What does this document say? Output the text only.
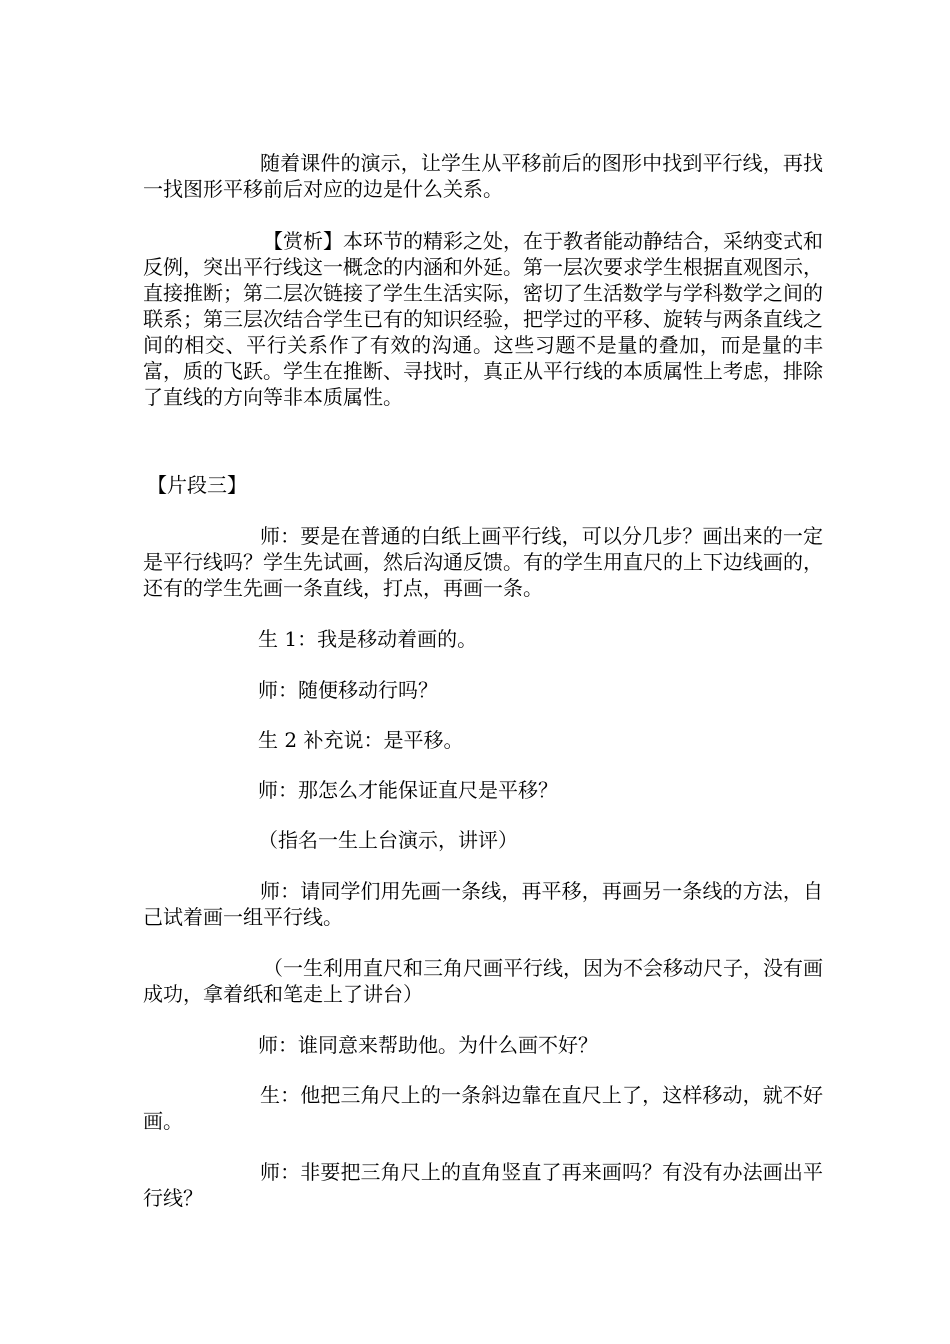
随着课件的演示，让学生从平移前后的图形中找到平行线，再找一找图形平移前后对应的边是什么关系。

【赏析】本环节的精彩之处，在于教者能动静结合，采纳变式和反例，突出平行线这一概念的内涵和外延。第一层次要求学生根据直观图示，直接推断；第二层次链接了学生生活实际，密切了生活数学与学科数学之间的联系；第三层次结合学生已有的知识经验，把学过的平移、旋转与两条直线之间的相交、平行关系作了有效的沟通。这些习题不是量的叠加，而是量的丰富，质的飞跃。学生在推断、寻找时，真正从平行线的本质属性上考虑，排除了直线的方向等非本质属性。

【片段三】

师：要是在普通的白纸上画平行线，可以分几步？画出来的一定是平行线吗？学生先试画，然后沟通反馈。有的学生用直尺的上下边线画的，还有的学生先画一条直线，打点，再画一条。

生 1：我是移动着画的。

师：随便移动行吗？

生 2 补充说：是平移。

师：那怎么才能保证直尺是平移？

（指名一生上台演示，讲评）

师：请同学们用先画一条线，再平移，再画另一条线的方法，自己试着画一组平行线。

（一生利用直尺和三角尺画平行线，因为不会移动尺子，没有画成功，拿着纸和笔走上了讲台）

师：谁同意来帮助他。为什么画不好？

生：他把三角尺上的一条斜边靠在直尺上了，这样移动，就不好画。

师：非要把三角尺上的直角竖直了再来画吗？有没有办法画出平行线？
